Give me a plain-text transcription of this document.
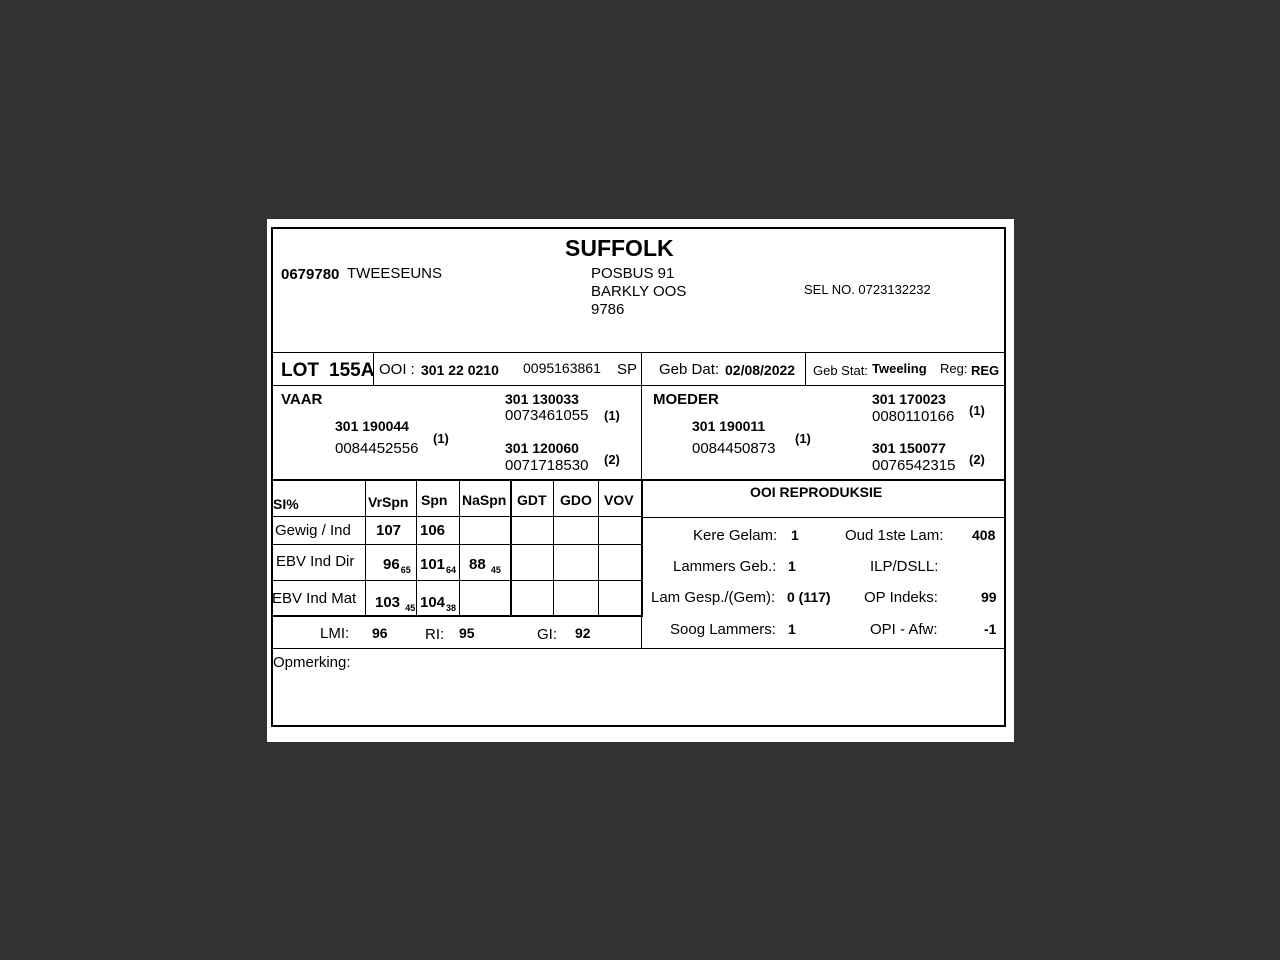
SUFFOLK
0679780 TWEESEUNS	POSBUS 91
BARKLY OOS
9786
SEL NO. 0723132232
LOT 155A OOI : 301 22 0210 0095163861 SP Geb Dat: 02/08/2022 Geb Stat: Tweeling Reg: REG
VAAR
301 190044
0084452556
(1)
301 130033
0073461055 (1)
301 120060
0071718530 (2)
MOEDER
301 190011
0084450873
(1)
301 170023
0080110166 (1)
301 150077
0076542315 (2)
SI%	VrSpn Spn NaSpn GDT GDO VOV
Gewig / Ind 107 106
EBV Ind Dir $96_{65}$ $101_{64}$ 88 $_{45}$
EBV Ind Mat 103 $_{45}$ $104_{38}$
LMI: 96 RI: 95	GI: 92
OOI REPRODUKSIE
Kere Gelam: 1	Oud 1ste Lam: 408
Lammers Geb.: 1	ILP/DSLL:
Lam Gesp./(Gem): 0 (117) OP Indeks:	99
Soog Lammers: 1	OPI - Afw:	-1
Opmerking:
